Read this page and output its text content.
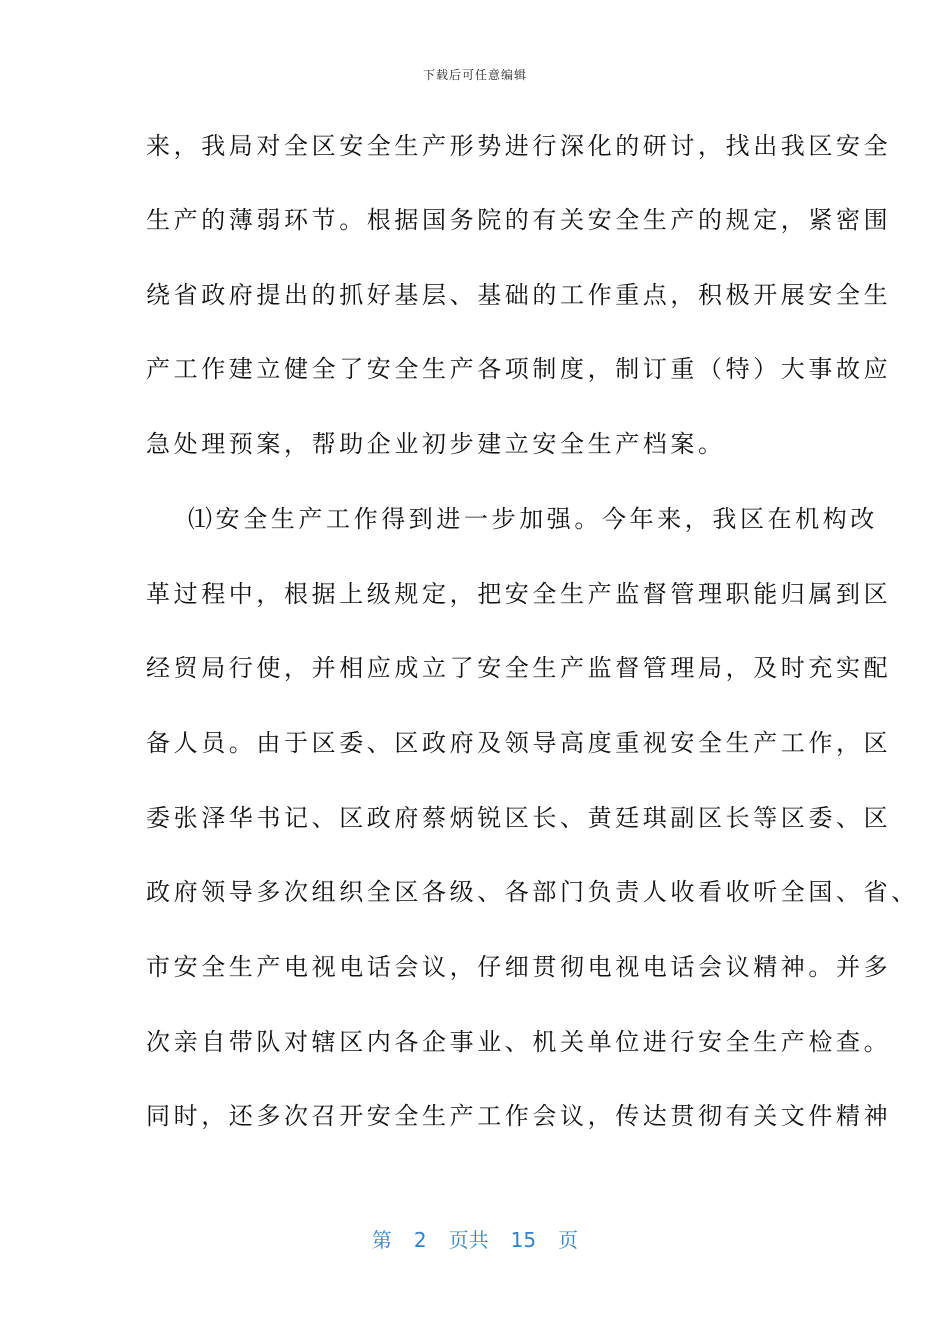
下载后可任意编辑
来，我局对全区安全生产形势进行深化的研讨，找出我区安全
生产的薄弱环节。根据国务院的有关安全生产的规定，紧密围
绕省政府提出的抓好基层、基础的工作重点，积极开展安全生
产工作建立健全了安全生产各项制度，制订重（特）大事故应
急处理预案，帮助企业初步建立安全生产档案。
⑴安全生产工作得到进一步加强。今年来，我区在机构改
革过程中，根据上级规定，把安全生产监督管理职能归属到区
经贸局行使，并相应成立了安全生产监督管理局，及时充实配
备人员。由于区委、区政府及领导高度重视安全生产工作，区
委张泽华书记、区政府蔡炳锐区长、黄廷琪副区长等区委、区
政府领导多次组织全区各级、各部门负责人收看收听全国、省、
市安全生产电视电话会议，仔细贯彻电视电话会议精神。并多
次亲自带队对辖区内各企事业、机关单位进行安全生产检查。
同时，还多次召开安全生产工作会议，传达贯彻有关文件精神
第 2 页共 15 页
